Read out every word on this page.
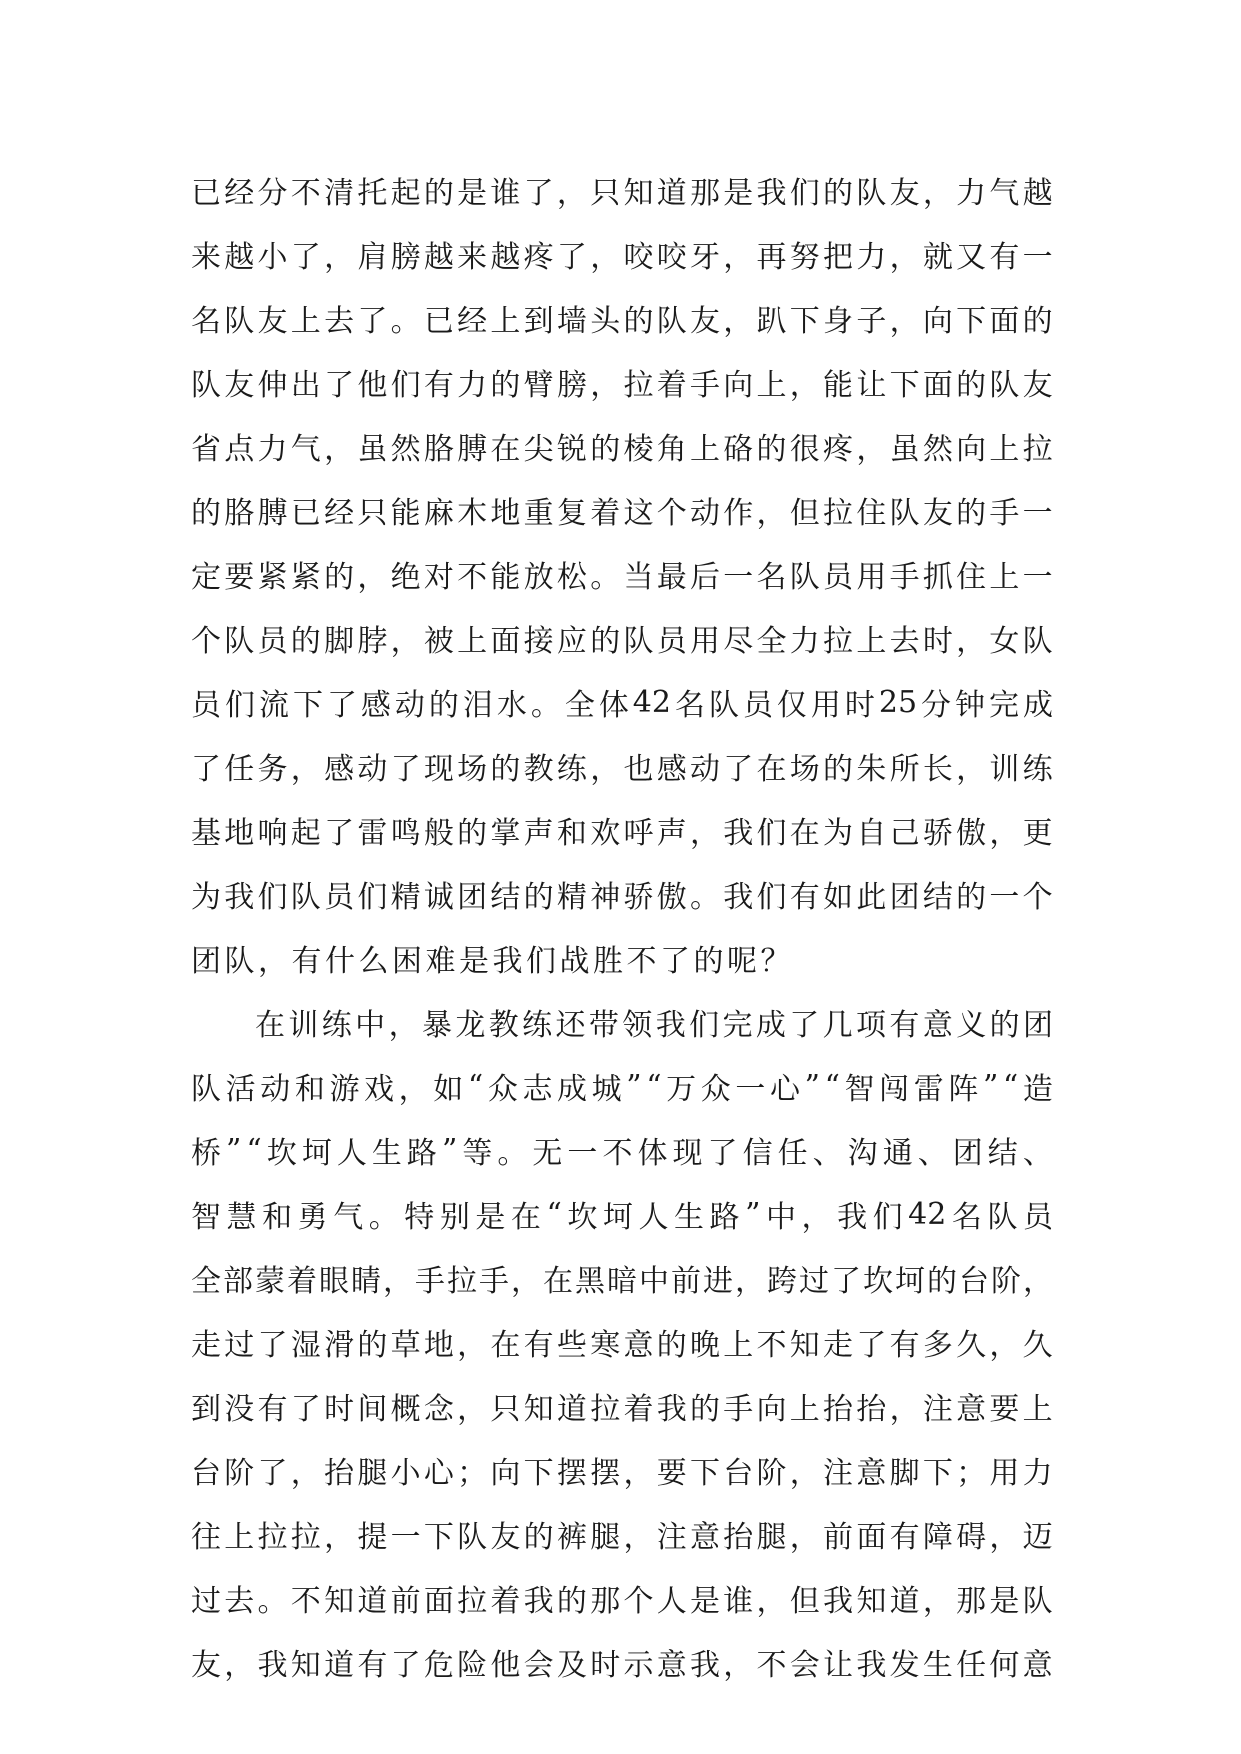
已 经 分 不 清 托 起 的 是 谁 了 ， 只 知 道 那 是 我 们 的 队 友 ， 力 气 越
来 越 小 了 ， 肩 膀 越 来 越 疼 了 ， 咬 咬 牙 ， 再 努 把 力 ， 就 又 有 一
名 队 友 上 去 了 。 已 经 上 到 墙 头 的 队 友 ， 趴 下 身 子 ， 向 下 面 的
队 友 伸 出 了 他 们 有 力 的 臂 膀 ， 拉 着 手 向 上 ， 能 让 下 面 的 队 友
省 点 力 气 ， 虽 然 胳 膊 在 尖 锐 的 棱 角 上 硌 的 很 疼 ， 虽 然 向 上 拉
的 胳 膊 已 经 只 能 麻 木 地 重 复 着 这 个 动 作 ， 但 拉 住 队 友 的 手 一
定 要 紧 紧 的 ， 绝 对 不 能 放 松 。 当 最 后 一 名 队 员 用 手 抓 住 上 一
个 队 员 的 脚 脖 ， 被 上 面 接 应 的 队 员 用 尽 全 力 拉 上 去 时 ， 女 队
员 们 流 下 了 感 动 的 泪 水 。 全 体 42 名 队 员 仅 用 时 25 分 钟 完 成
了 任 务 ， 感 动 了 现 场 的 教 练 ， 也 感 动 了 在 场 的 朱 所 长 ， 训 练
基 地 响 起 了 雷 鸣 般 的 掌 声 和 欢 呼 声 ， 我 们 在 为 自 己 骄 傲 ， 更
为 我 们 队 员 们 精 诚 团 结 的 精 神 骄 傲 。 我 们 有 如 此 团 结 的 一 个
团 队 ， 有 什 么 困 难 是 我 们 战 胜 不 了 的 呢 ？
在 训 练 中 ， 暴 龙 教 练 还 带 领 我 们 完 成 了 几 项 有 意 义 的 团
队 活 动 和 游 戏 ， 如 “ 众 志 成 城 ” “ 万 众 一 心 ” “ 智 闯 雷 阵 ” “ 造
桥 ” “ 坎 坷 人 生 路 ” 等 。 无 一 不 体 现 了 信 任 、 沟 通 、 团 结 、
智 慧 和 勇 气 。 特 别 是 在 “ 坎 坷 人 生 路 ” 中 ， 我 们 42 名 队 员
全 部 蒙 着 眼 睛 ， 手 拉 手 ， 在 黑 暗 中 前 进 ， 跨 过 了 坎 坷 的 台 阶 ，
走 过 了 湿 滑 的 草 地 ， 在 有 些 寒 意 的 晚 上 不 知 走 了 有 多 久 ， 久
到 没 有 了 时 间 概 念 ， 只 知 道 拉 着 我 的 手 向 上 抬 抬 ， 注 意 要 上
台 阶 了 ， 抬 腿 小 心 ； 向 下 摆 摆 ， 要 下 台 阶 ， 注 意 脚 下 ； 用 力
往 上 拉 拉 ， 提 一 下 队 友 的 裤 腿 ， 注 意 抬 腿 ， 前 面 有 障 碍 ， 迈
过 去 。 不 知 道 前 面 拉 着 我 的 那 个 人 是 谁 ， 但 我 知 道 ， 那 是 队
友 ， 我 知 道 有 了 危 险 他 会 及 时 示 意 我 ， 不 会 让 我 发 生 任 何 意
